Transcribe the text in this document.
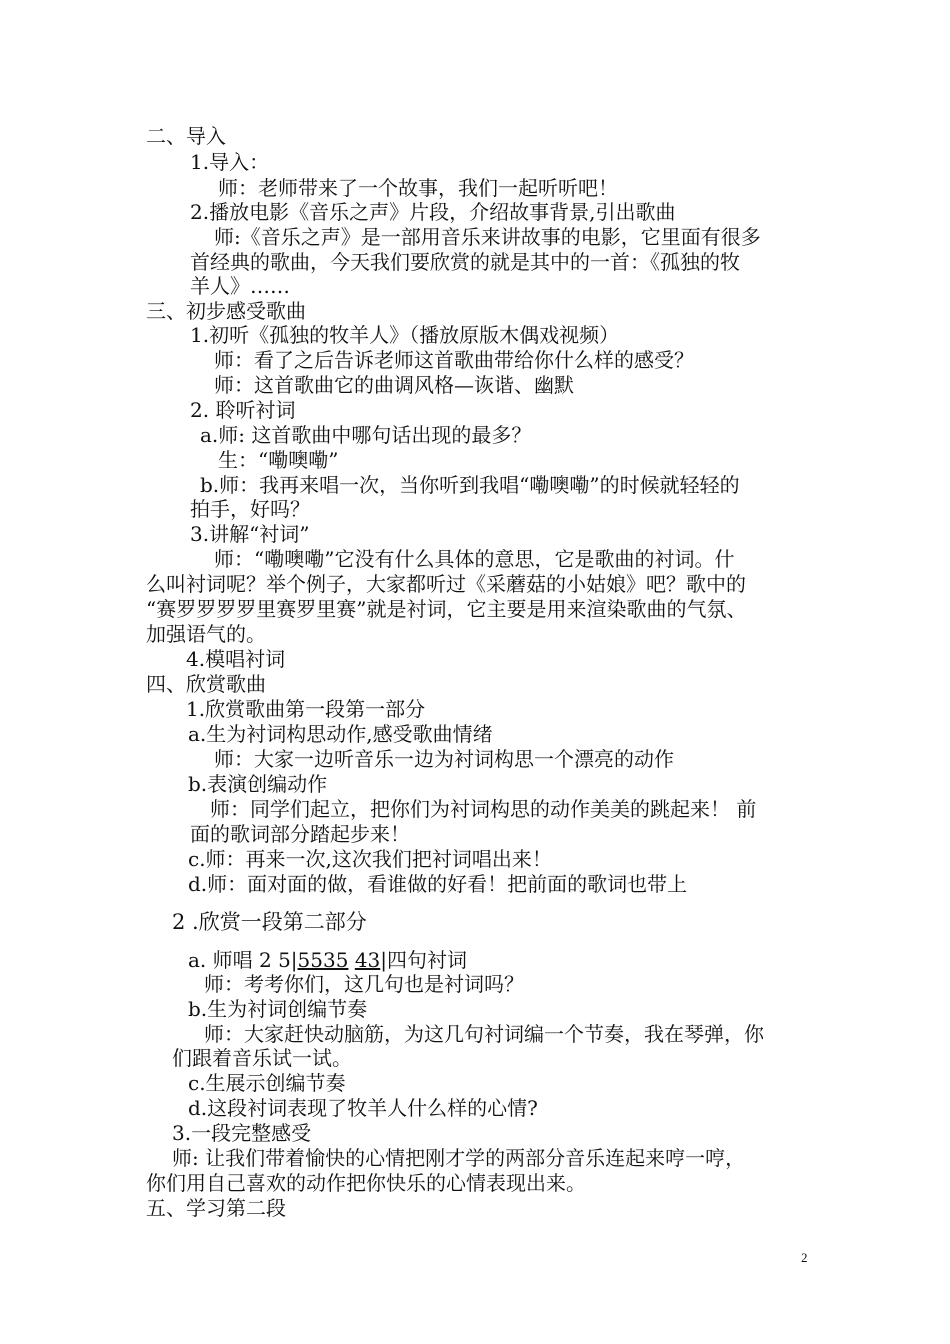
二、导入
1.导入：
师：老师带来了一个故事，我们一起听听吧！
2.播放电影《音乐之声》片段，介绍故事背景,引出歌曲
师:《音乐之声》是一部用音乐来讲故事的电影，它里面有很多
首经典的歌曲，今天我们要欣赏的就是其中的一首：《孤独的牧
羊人》……
三、初步感受歌曲
1.初听《孤独的牧羊人》（播放原版木偶戏视频）
师：看了之后告诉老师这首歌曲带给你什么样的感受？
师：这首歌曲它的曲调风格—诙谐、幽默
2. 聆听衬词
a.师: 这首歌曲中哪句话出现的最多？
生：“嘞噢嘞”
b.师：我再来唱一次，当你听到我唱“嘞噢嘞”的时候就轻轻的
拍手，好吗？
3.讲解“衬词”
师：“嘞噢嘞”它没有什么具体的意思，它是歌曲的衬词。什
么叫衬词呢？举个例子，大家都听过《采蘑菇的小姑娘》吧？歌中的
“赛罗罗罗罗里赛罗里赛”就是衬词，它主要是用来渲染歌曲的气氛、
加强语气的。
4.模唱衬词
四、欣赏歌曲
1.欣赏歌曲第一段第一部分
a.生为衬词构思动作,感受歌曲情绪
师：大家一边听音乐一边为衬词构思一个漂亮的动作
b.表演创编动作
师：同学们起立，把你们为衬词构思的动作美美的跳起来！ 前
面的歌词部分踏起步来！
c.师：再来一次,这次我们把衬词唱出来！
d.师：面对面的做，看谁做的好看！把前面的歌词也带上
2 .欣赏一段第二部分
a. 师唱 2 5|5535 43|四句衬词
师：考考你们，这几句也是衬词吗？
b.生为衬词创编节奏
师：大家赶快动脑筋，为这几句衬词编一个节奏，我在琴弹，你
们跟着音乐试一试。
c.生展示创编节奏
d.这段衬词表现了牧羊人什么样的心情?
3.一段完整感受
师: 让我们带着愉快的心情把刚才学的两部分音乐连起来哼一哼，
你们用自己喜欢的动作把你快乐的心情表现出来。
五、学习第二段
2
